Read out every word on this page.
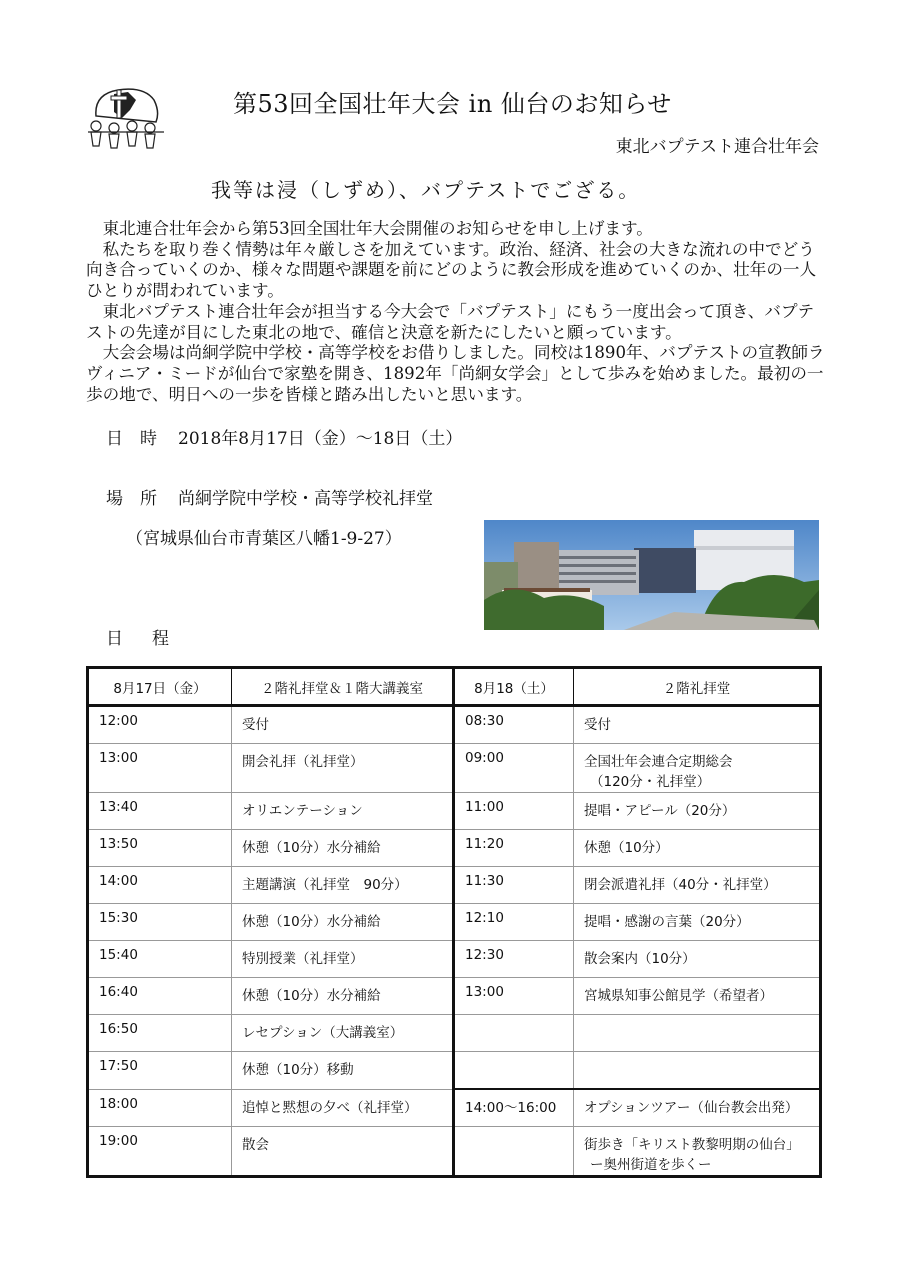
第53回全国壮年大会 in 仙台のお知らせ
東北バプテスト連合壮年会
我等は浸（しずめ）、バプテストでござる。

東北連合壮年会から第53回全国壮年大会開催のお知らせを申し上げます。

私たちを取り巻く情勢は年々厳しさを加えています。政治、経済、社会の大きな流れの中でどう向き合っていくのか、様々な問題や課題を前にどのように教会形成を進めていくのか、壮年の一人ひとりが問われています。

東北バプテスト連合壮年会が担当する今大会で「バプテスト」にもう一度出会って頂き、バプテストの先達が目にした東北の地で、確信と決意を新たにしたいと願っています。

大会会場は尚絅学院中学校・高等学校をお借りしました。同校は1890年、バプテストの宣教師ラヴィニア・ミードが仙台で家塾を開き、1892年「尚絅女学会」として歩みを始めました。最初の一歩の地で、明日への一歩を皆様と踏み出したいと思います。

日　時 2018年8月17日（金）〜18日（土）
場　所 尚絅学院中学校・高等学校礼拝堂
（宮城県仙台市青葉区八幡1-9-27）
日　程
8月17日（金）	２階礼拝堂＆１階大講義室	8月18（土）	２階礼拝堂
12:00	受付	08:30	受付

13:00	開会礼拝（礼拝堂）	09:00	全国壮年会連合定期総会
（120分・礼拝堂）

13:40	オリエンテーション	11:00	提唱・アピール（20分）

13:50	休憩（10分）水分補給	11:20	休憩（10分）

14:00	主題講演（礼拝堂　90分）	11:30	閉会派遣礼拝（40分・礼拝堂）

15:30	休憩（10分）水分補給	12:10	提唱・感謝の言葉（20分）

15:40	特別授業（礼拝堂）	12:30	散会案内（10分）

16:40	休憩（10分）水分補給	13:00	宮城県知事公館見学（希望者）

16:50	レセプション（大講義室）		

17:50	休憩（10分）移動		

18:00	追悼と黙想の夕べ（礼拝堂）	14:00〜16:00	オプションツアー（仙台教会出発）

19:00	散会		街歩き「キリスト教黎明期の仙台」
ー奥州街道を歩くー
